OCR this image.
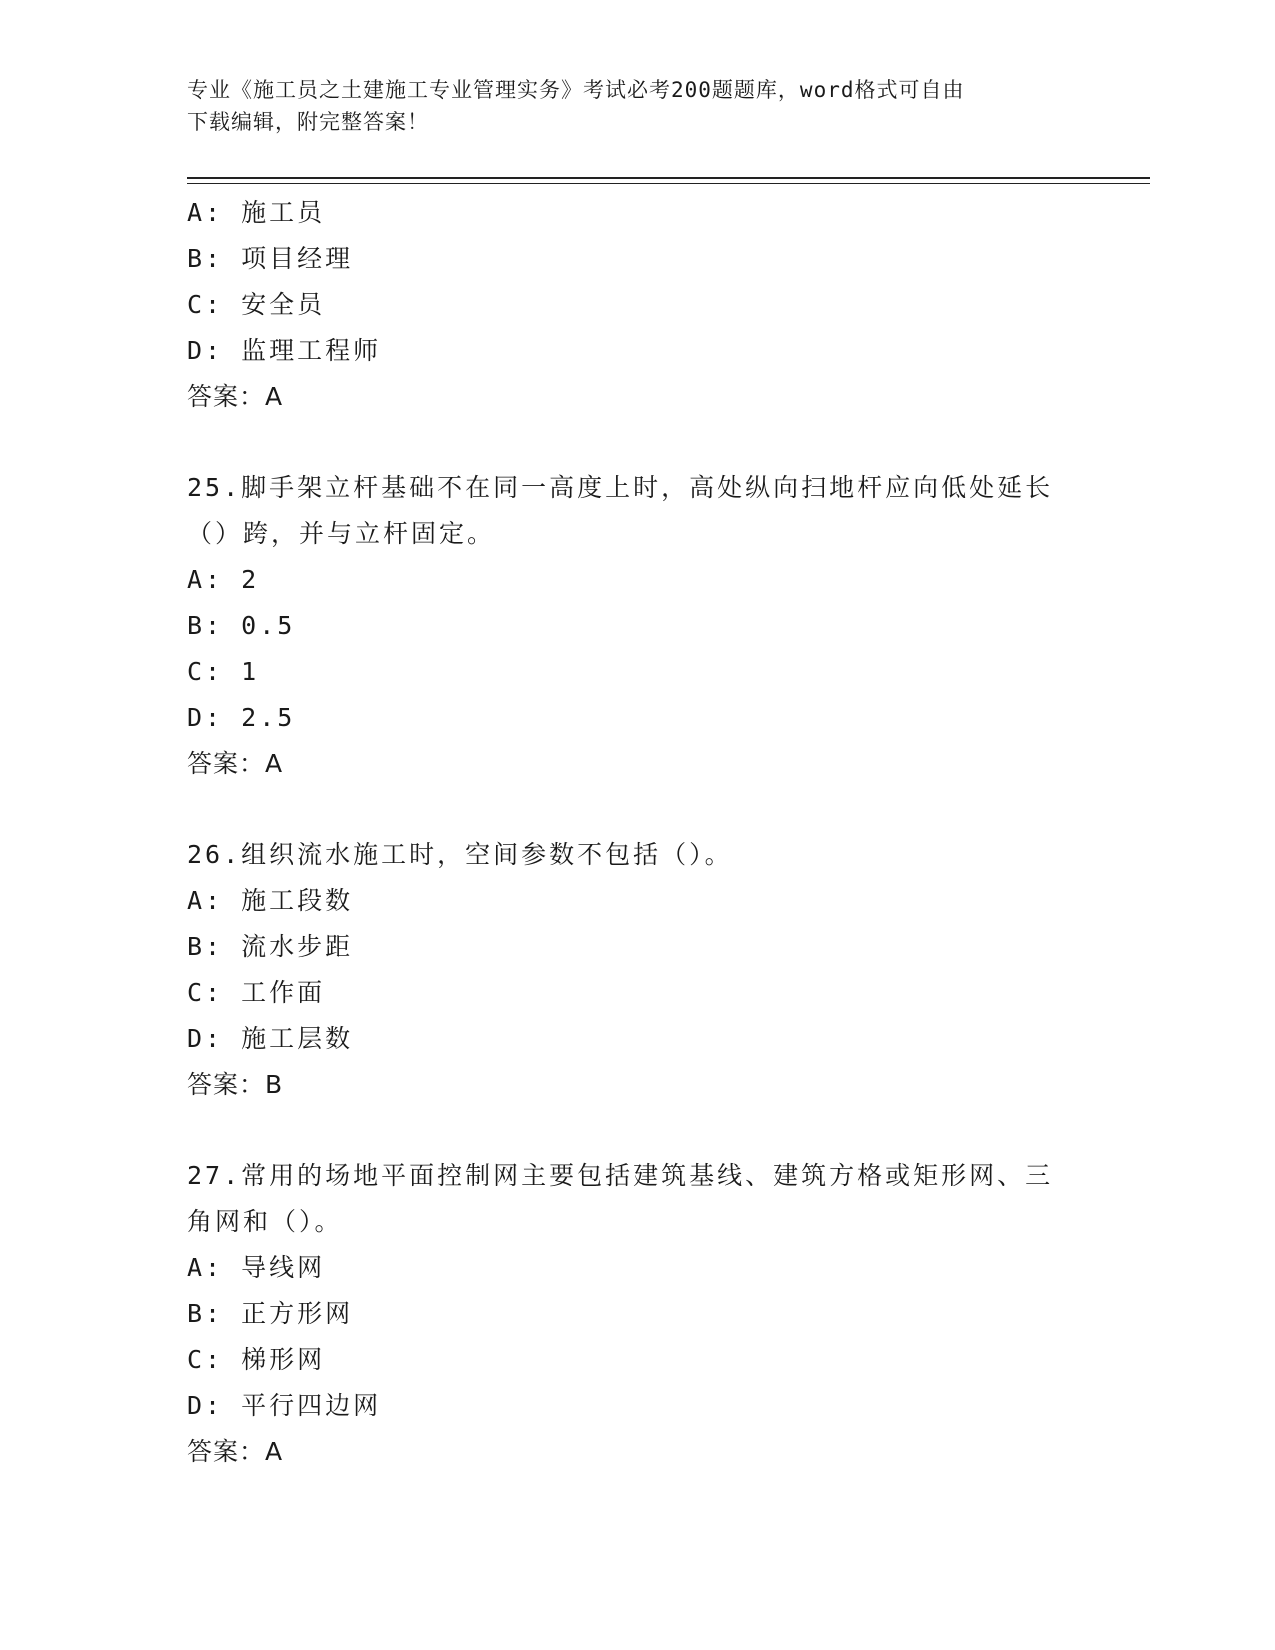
专业《施工员之土建施工专业管理实务》考试必考200题题库，word格式可自由
下载编辑，附完整答案！
A: 施工员
B: 项目经理
C: 安全员
D: 监理工程师
答案：A
25.脚手架立杆基础不在同一高度上时，高处纵向扫地杆应向低处延长
（）跨，并与立杆固定。
A: 2
B: 0.5
C: 1
D: 2.5
答案：A
26.组织流水施工时，空间参数不包括（）。
A: 施工段数
B: 流水步距
C: 工作面
D: 施工层数
答案：B
27.常用的场地平面控制网主要包括建筑基线、建筑方格或矩形网、三
角网和（）。
A: 导线网
B: 正方形网
C: 梯形网
D: 平行四边网
答案：A
